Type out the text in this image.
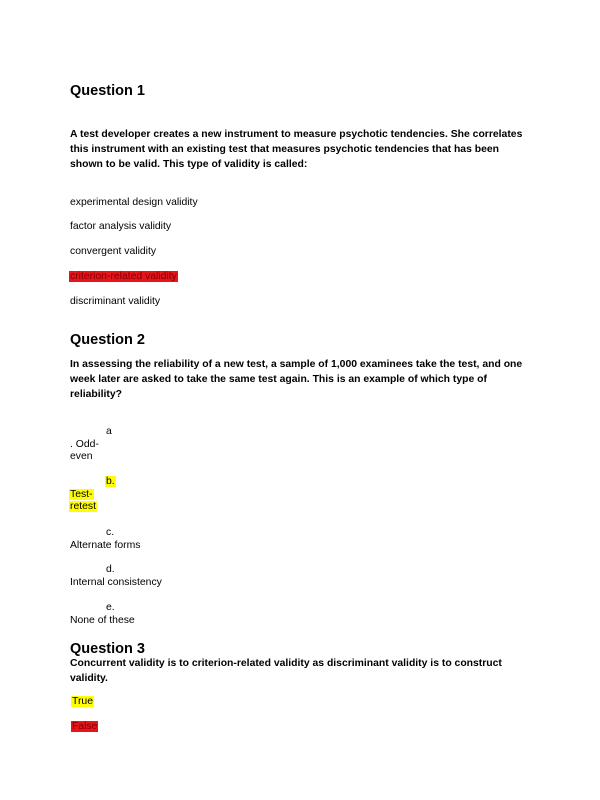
Question 1
A test developer creates a new instrument to measure psychotic tendencies. She correlates this instrument with an existing test that measures psychotic tendencies that has been shown to be valid. This type of validity is called:
experimental design validity
factor analysis validity
convergent validity
criterion-related validity
discriminant validity
Question 2
In assessing the reliability of a new test, a sample of 1,000 examinees take the test, and one week later are asked to take the same test again. This is an example of which type of reliability?
a
. Odd-
even
b.
Test-
retest
c.
Alternate forms
d.
Internal consistency
e.
None of these
Question 3
Concurrent validity is to criterion-related validity as discriminant validity is to construct validity.
True
False
